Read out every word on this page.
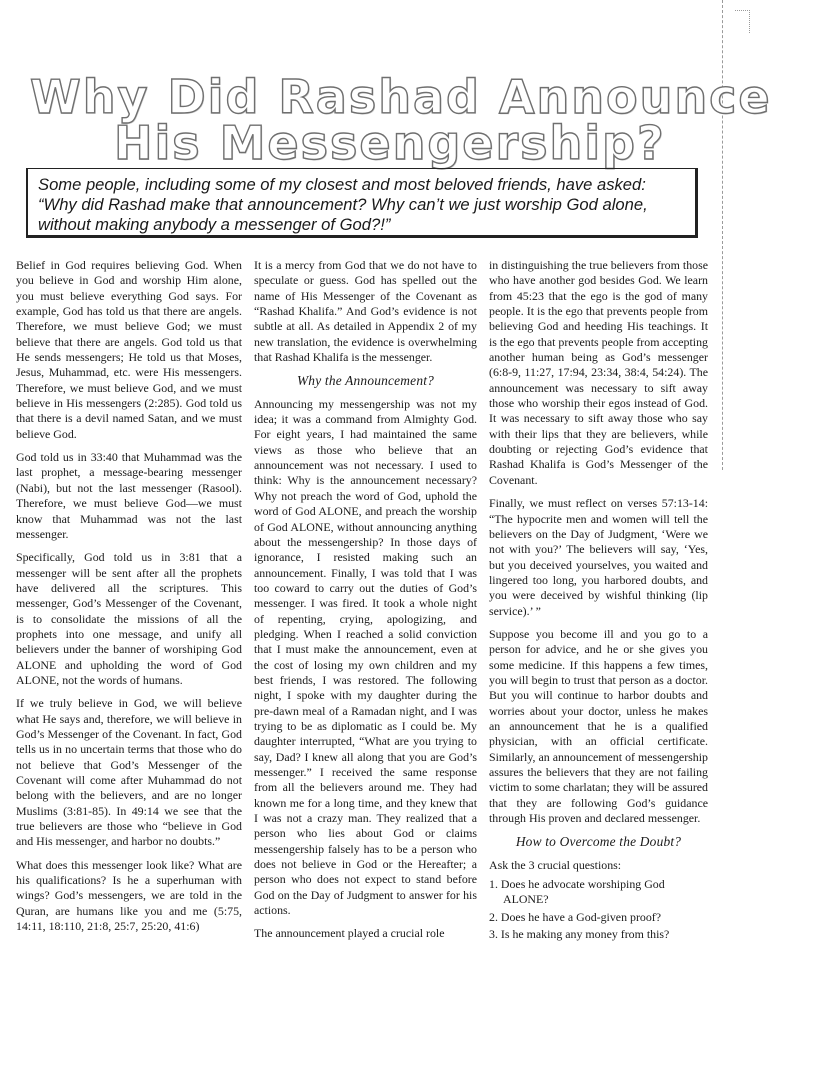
Why Did Rashad Announce
His Messengership?
Some people, including some of my closest and most beloved friends, have asked: “Why did Rashad make that announcement? Why can’t we just worship God alone, without making anybody a messenger of God?!”

Belief in God requires believing God. When you believe in God and worship Him alone, you must believe everything God says. For example, God has told us that there are angels. Therefore, we must believe God; we must believe that there are angels. God told us that He sends messengers; He told us that Moses, Jesus, Muhammad, etc. were His messengers. Therefore, we must believe God, and we must believe in His messengers (2:285). God told us that there is a devil named Satan, and we must believe God.

God told us in 33:40 that Muhammad was the last prophet, a message-bearing messenger (Nabi), but not the last messenger (Rasool). Therefore, we must believe God—we must know that Muhammad was not the last messenger.

Specifically, God told us in 3:81 that a messenger will be sent after all the prophets have delivered all the scriptures. This messenger, God’s Messenger of the Covenant, is to consolidate the missions of all the prophets into one message, and unify all believers under the banner of worshiping God ALONE and upholding the word of God ALONE, not the words of humans.

If we truly believe in God, we will believe what He says and, therefore, we will believe in God’s Messenger of the Covenant. In fact, God tells us in no uncertain terms that those who do not believe that God’s Messenger of the Covenant will come after Muhammad do not belong with the believers, and are no longer Muslims (3:81-85). In 49:14 we see that the true believers are those who “believe in God and His messenger, and harbor no doubts.”

What does this messenger look like? What are his qualifications? Is he a superhuman with wings? God’s messengers, we are told in the Quran, are humans like you and me (5:75, 14:11, 18:110, 21:8, 25:7, 25:20, 41:6)

It is a mercy from God that we do not have to speculate or guess. God has spelled out the name of His Messenger of the Covenant as “Rashad Khalifa.” And God’s evidence is not subtle at all. As detailed in Appendix 2 of my new translation, the evidence is overwhelming that Rashad Khalifa is the messenger.

Why the Announcement?

Announcing my messengership was not my idea; it was a command from Almighty God. For eight years, I had maintained the same views as those who believe that an announcement was not necessary. I used to think: Why is the announcement necessary? Why not preach the word of God, uphold the word of God ALONE, and preach the worship of God ALONE, without announcing anything about the messengership? In those days of ignorance, I resisted making such an announcement. Finally, I was told that I was too coward to carry out the duties of God’s messenger. I was fired. It took a whole night of repenting, crying, apologizing, and pledging. When I reached a solid conviction that I must make the announcement, even at the cost of losing my own children and my best friends, I was restored. The following night, I spoke with my daughter during the pre-dawn meal of a Ramadan night, and I was trying to be as diplomatic as I could be. My daughter interrupted, “What are you trying to say, Dad? I knew all along that you are God’s messenger.” I received the same response from all the believers around me. They had known me for a long time, and they knew that I was not a crazy man. They realized that a person who lies about God or claims messengership falsely has to be a person who does not believe in God or the Hereafter; a person who does not expect to stand before God on the Day of Judgment to answer for his actions.

The announcement played a crucial role

in distinguishing the true believers from those who have another god besides God. We learn from 45:23 that the ego is the god of many people. It is the ego that prevents people from believing God and heeding His teachings. It is the ego that prevents people from accepting another human being as God’s messenger (6:8-9, 11:27, 17:94, 23:34, 38:4, 54:24). The announcement was necessary to sift away those who worship their egos instead of God. It was necessary to sift away those who say with their lips that they are believers, while doubting or rejecting God’s evidence that Rashad Khalifa is God’s Messenger of the Covenant.

Finally, we must reflect on verses 57:13-14: “The hypocrite men and women will tell the believers on the Day of Judgment, ‘Were we not with you?’ The believers will say, ‘Yes, but you deceived yourselves, you waited and lingered too long, you harbored doubts, and you were deceived by wishful thinking (lip service).’ ”

Suppose you become ill and you go to a person for advice, and he or she gives you some medicine. If this happens a few times, you will begin to trust that person as a doctor. But you will continue to harbor doubts and worries about your doctor, unless he makes an announcement that he is a qualified physician, with an official certificate. Similarly, an announcement of messengership assures the believers that they are not failing victim to some charlatan; they will be assured that they are following God’s guidance through His proven and declared messenger.

How to Overcome the Doubt?

Ask the 3 crucial questions:

1. Does he advocate worshiping God ALONE?
2. Does he have a God-given proof?
3. Is he making any money from this?
